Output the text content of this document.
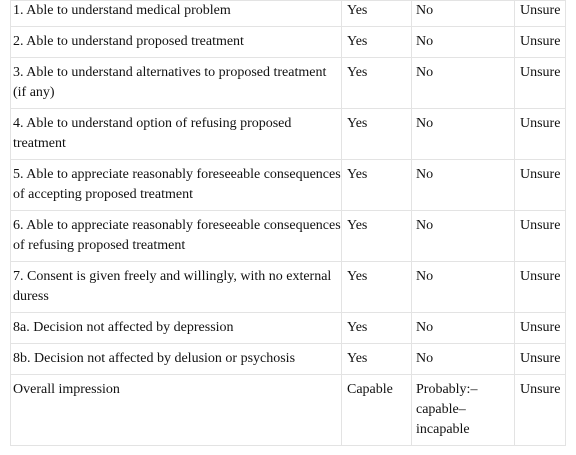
1. Able to understand medical problem	Yes	No	Unsure
2. Able to understand proposed treatment	Yes	No	Unsure
3. Able to understand alternatives to proposed treatment (if any)	Yes	No	Unsure
4. Able to understand option of refusing proposed treatment	Yes	No	Unsure
5. Able to appreciate reasonably foreseeable consequences of accepting proposed treatment	Yes	No	Unsure
6. Able to appreciate reasonably foreseeable consequences of refusing proposed treatment	Yes	No	Unsure
7. Consent is given freely and willingly, with no external duress	Yes	No	Unsure
8a. Decision not affected by depression	Yes	No	Unsure
8b. Decision not affected by delusion or psychosis	Yes	No	Unsure
Overall impression	Capable	Probably:–capable–incapable	Unsure
